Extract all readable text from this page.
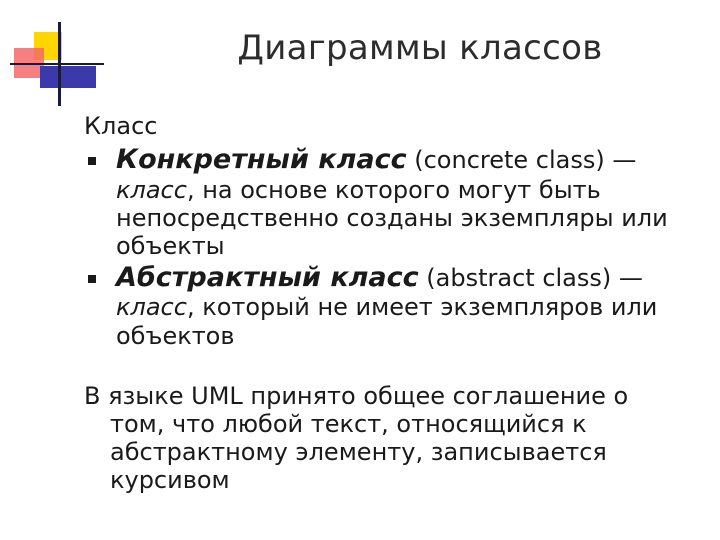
Диаграммы классов
Класс
Конкретный класс (concrete class) — класс, на основе которого могут быть непосредственно созданы экземпляры или объекты
Абстрактный класс (abstract class) — класс, который не имеет экземпляров или объектов
В языке UML принято общее соглашение о том, что любой текст, относящийся к абстрактному элементу, записывается курсивом
